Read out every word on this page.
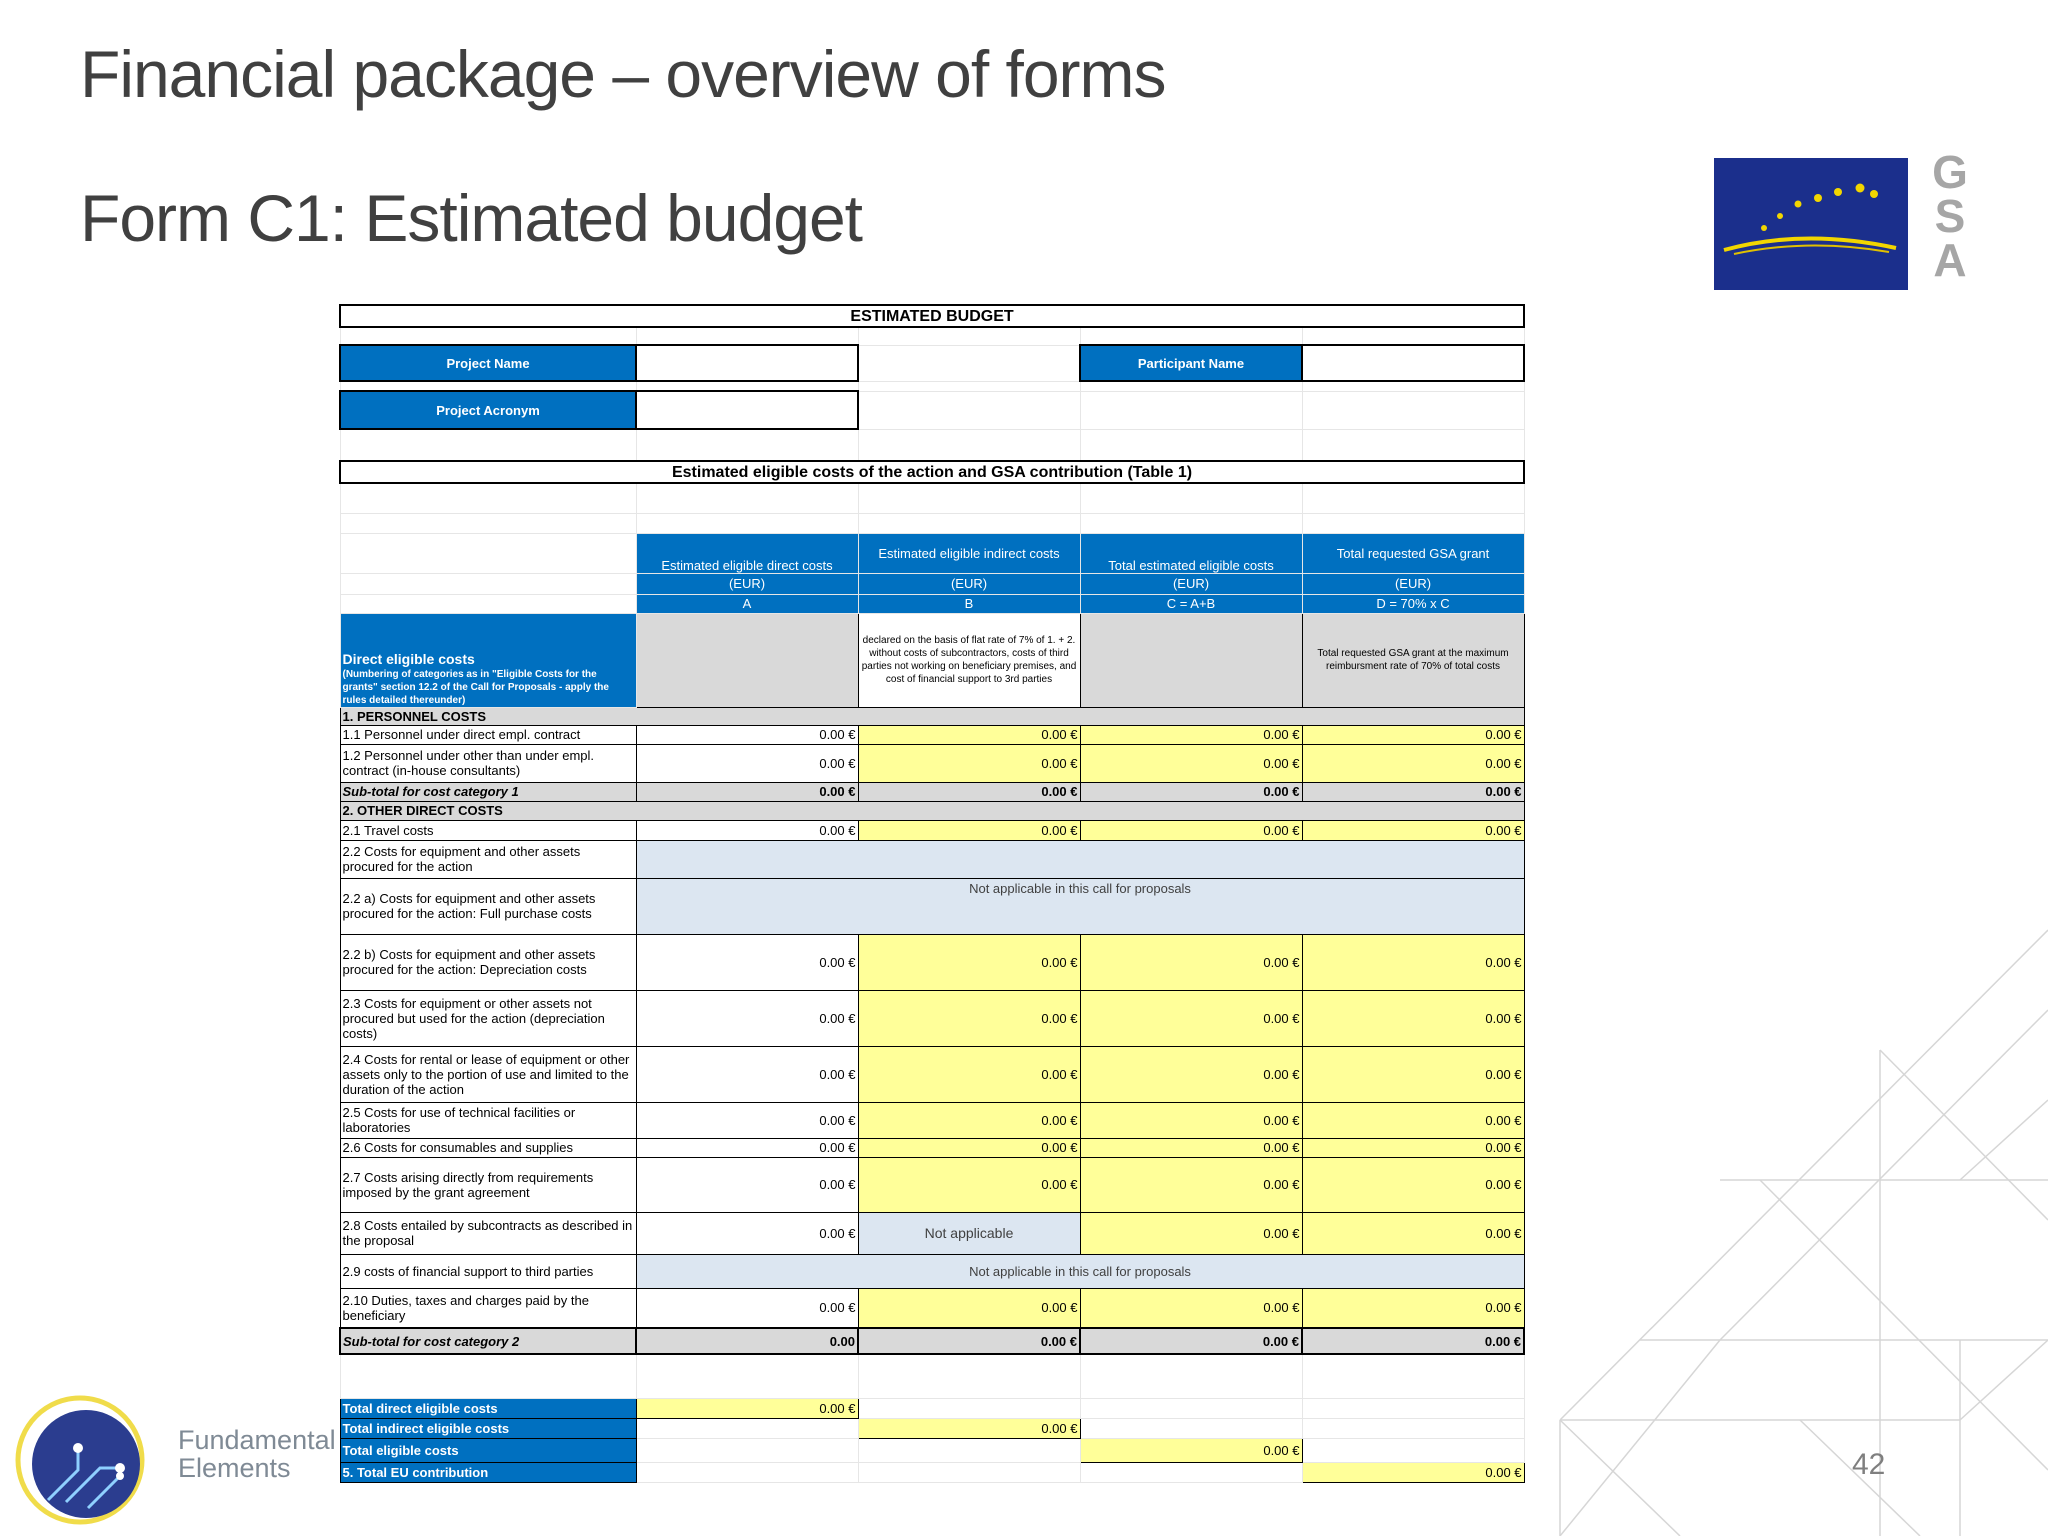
Financial package – overview of forms
Form C1: Estimated budget
G
S
A
Fundamental
Elements	42
ESTIMATED BUDGET				

Project Name			Participant Name	

Project Acronym				

Estimated eligible costs of the action and GSA contribution (Table 1)				

	Estimated eligible direct costs	Estimated eligible indirect costs	Total estimated eligible costs	Total requested GSA grant
	(EUR)	(EUR)	(EUR)	(EUR)
	A	B	C = A+B	D = 70% x C

Direct eligible costs
(Numbering of categories as in "Eligible Costs for the grants" section 12.2 of the Call for Proposals - apply the rules detailed thereunder)		declared on the basis of flat rate of 7% of 1. + 2. without costs of subcontractors, costs of third parties not working on beneficiary premises, and cost of financial support to 3rd parties		Total requested GSA grant at the maximum reimbursment rate of 70% of total costs
1. PERSONNEL COSTS				
1.1 Personnel under direct empl. contract	0.00 €	0.00 €	0.00 €	0.00 €
1.2 Personnel under other than under empl. contract (in-house consultants)	0.00 €	0.00 €	0.00 €	0.00 €
Sub-total for cost category 1	0.00 €	0.00 €	0.00 €	0.00 €
2. OTHER DIRECT COSTS				
2.1 Travel costs	0.00 €	0.00 €	0.00 €	0.00 €
2.2 Costs for equipment and other assets procured for the action				
2.2 a) Costs for equipment and other assets procured for the action: Full purchase costs	Not applicable in this call for proposals			
2.2 b) Costs for equipment and other assets procured for the action: Depreciation costs	0.00 €	0.00 €	0.00 €	0.00 €
2.3 Costs for equipment or other assets not procured but used for the action (depreciation costs)	0.00 €	0.00 €	0.00 €	0.00 €
2.4 Costs for rental or lease of equipment or other assets only to the portion of use and limited to the duration of the action	0.00 €	0.00 €	0.00 €	0.00 €
2.5 Costs for use of technical facilities or laboratories	0.00 €	0.00 €	0.00 €	0.00 €
2.6 Costs for consumables and supplies	0.00 €	0.00 €	0.00 €	0.00 €
2.7 Costs arising directly from requirements imposed by the grant agreement	0.00 €	0.00 €	0.00 €	0.00 €
2.8 Costs entailed by subcontracts as described in the proposal	0.00 €	Not applicable	0.00 €	0.00 €
2.9 costs of financial support to third parties	Not applicable in this call for proposals			
2.10 Duties, taxes and charges paid by the beneficiary	0.00 €	0.00 €	0.00 €	0.00 €
Sub-total for cost category 2	0.00	0.00 €	0.00 €	0.00 €

Total direct eligible costs	0.00 €			
Total indirect eligible costs		0.00 €		
Total eligible costs			0.00 €	
5. Total EU contribution				0.00 €
